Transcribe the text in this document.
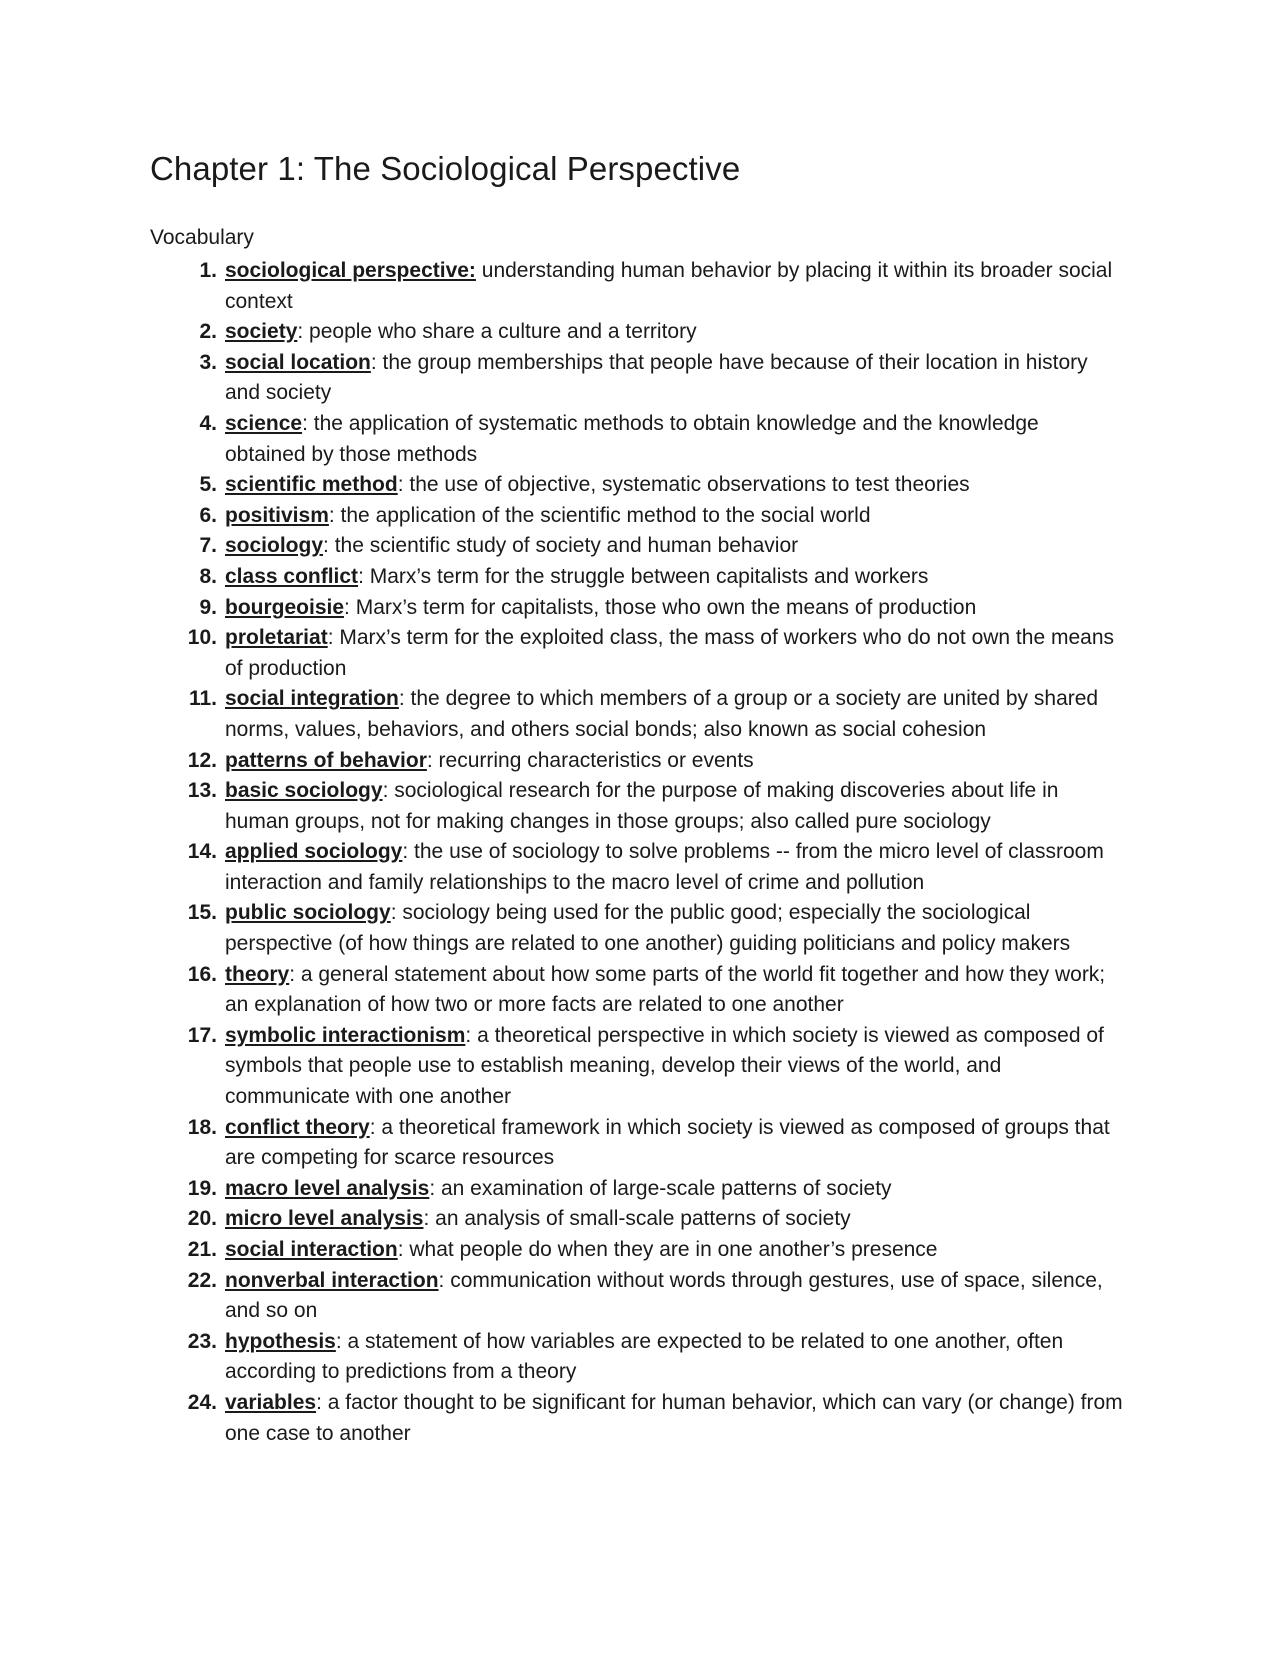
Chapter 1: The Sociological Perspective

Vocabulary

1. sociological perspective: understanding human behavior by placing it within its broader social context
2. society: people who share a culture and a territory
3. social location: the group memberships that people have because of their location in history and society
4. science: the application of systematic methods to obtain knowledge and the knowledge obtained by those methods
5. scientific method: the use of objective, systematic observations to test theories
6. positivism: the application of the scientific method to the social world
7. sociology: the scientific study of society and human behavior
8. class conflict: Marx’s term for the struggle between capitalists and workers
9. bourgeoisie: Marx’s term for capitalists, those who own the means of production
10. proletariat: Marx’s term for the exploited class, the mass of workers who do not own the means of production
11. social integration: the degree to which members of a group or a society are united by shared norms, values, behaviors, and others social bonds; also known as social cohesion
12. patterns of behavior: recurring characteristics or events
13. basic sociology: sociological research for the purpose of making discoveries about life in human groups, not for making changes in those groups; also called pure sociology
14. applied sociology: the use of sociology to solve problems -- from the micro level of classroom interaction and family relationships to the macro level of crime and pollution
15. public sociology: sociology being used for the public good; especially the sociological perspective (of how things are related to one another) guiding politicians and policy makers
16. theory: a general statement about how some parts of the world fit together and how they work; an explanation of how two or more facts are related to one another
17. symbolic interactionism: a theoretical perspective in which society is viewed as composed of symbols that people use to establish meaning, develop their views of the world, and communicate with one another
18. conflict theory: a theoretical framework in which society is viewed as composed of groups that are competing for scarce resources
19. macro level analysis: an examination of large-scale patterns of society
20. micro level analysis: an analysis of small-scale patterns of society
21. social interaction: what people do when they are in one another’s presence
22. nonverbal interaction: communication without words through gestures, use of space, silence, and so on
23. hypothesis: a statement of how variables are expected to be related to one another, often according to predictions from a theory
24. variables: a factor thought to be significant for human behavior, which can vary (or change) from one case to another
